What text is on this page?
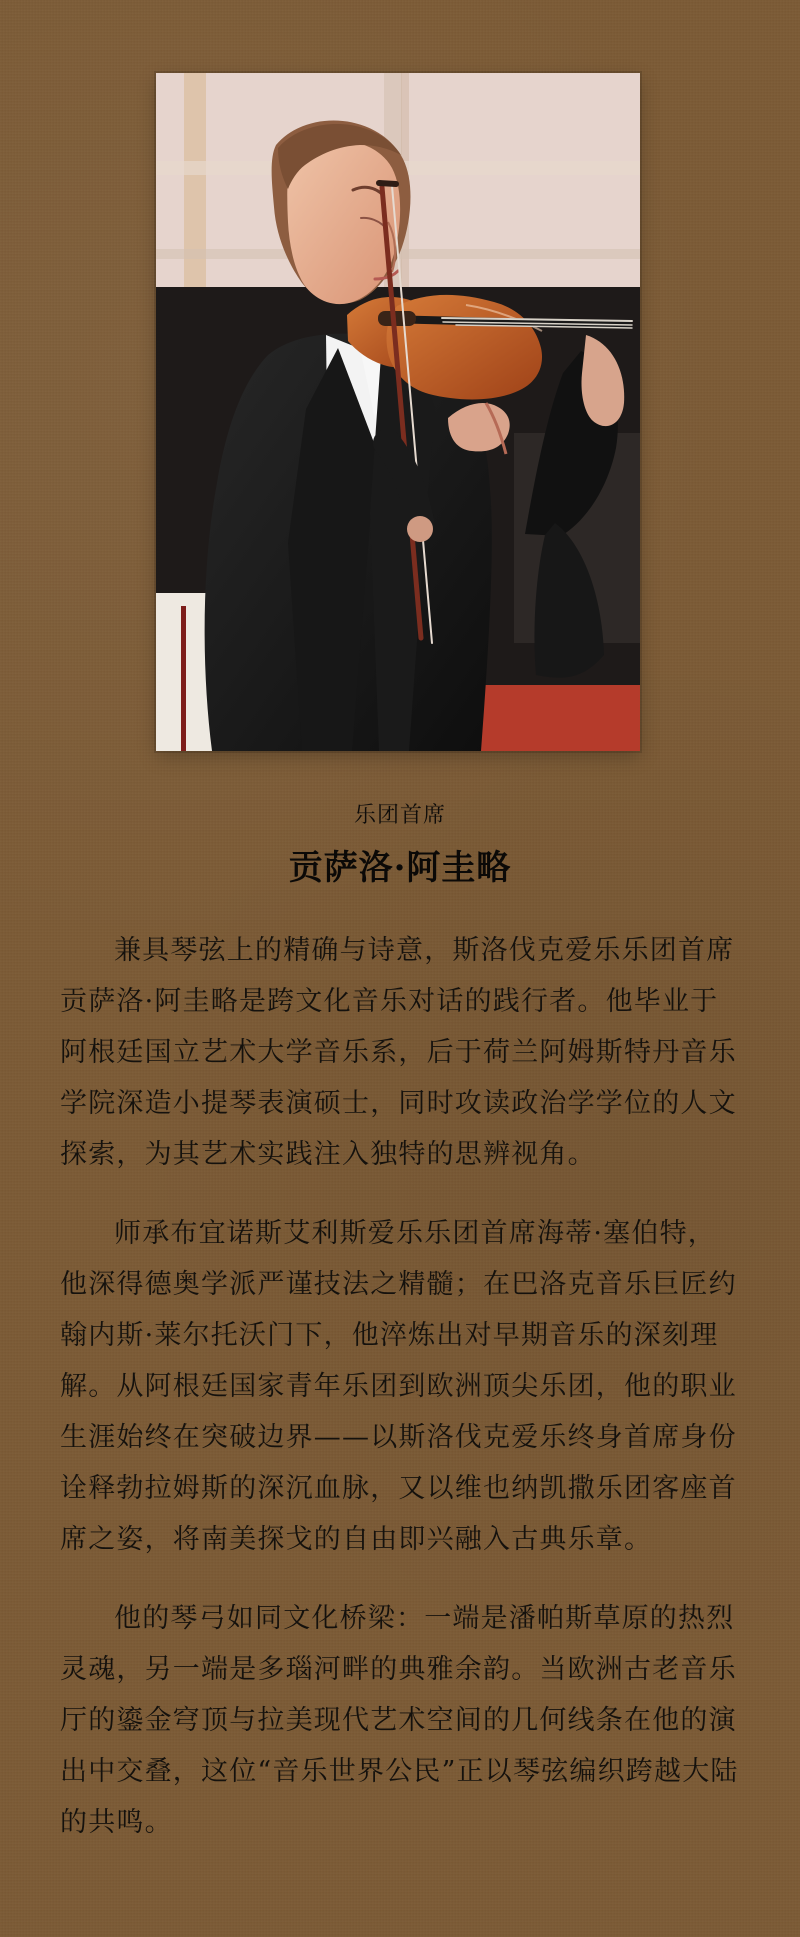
乐团首席
贡萨洛·阿圭略

兼具琴弦上的精确与诗意，斯洛伐克爱乐乐团首席贡萨洛·阿圭略是跨文化音乐对话的践行者。他毕业于阿根廷国立艺术大学音乐系，后于荷兰阿姆斯特丹音乐学院深造小提琴表演硕士，同时攻读政治学学位的人文探索，为其艺术实践注入独特的思辨视角。

师承布宜诺斯艾利斯爱乐乐团首席海蒂·塞伯特，他深得德奥学派严谨技法之精髓；在巴洛克音乐巨匠约翰内斯·莱尔托沃门下，他淬炼出对早期音乐的深刻理解。从阿根廷国家青年乐团到欧洲顶尖乐团，他的职业生涯始终在突破边界——以斯洛伐克爱乐终身首席身份诠释勃拉姆斯的深沉血脉，又以维也纳凯撒乐团客座首席之姿，将南美探戈的自由即兴融入古典乐章。

他的琴弓如同文化桥梁：一端是潘帕斯草原的热烈灵魂，另一端是多瑙河畔的典雅余韵。当欧洲古老音乐厅的鎏金穹顶与拉美现代艺术空间的几何线条在他的演出中交叠，这位“音乐世界公民”正以琴弦编织跨越大陆的共鸣。
